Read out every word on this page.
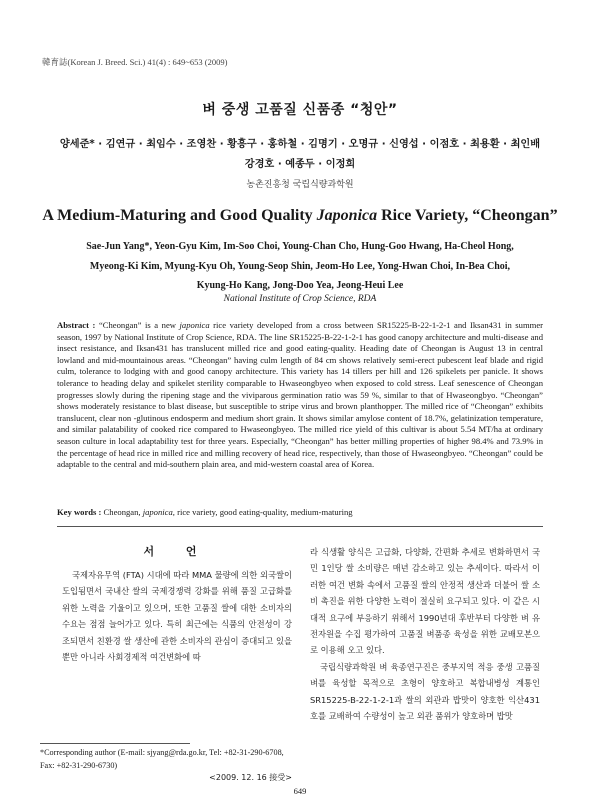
韓育誌(Korean J. Breed. Sci.) 41(4) : 649~653 (2009)
벼 중생 고품질 신품종 “청안”
양세준* · 김연규 · 최임수 · 조영찬 · 황흥구 · 홍하철 · 김명기 · 오명규 · 신영섭 · 이점호 · 최용환 · 최인배
강경호 · 예종두 · 이정희
농촌진흥청 국립식량과학원
A Medium-Maturing and Good Quality Japonica Rice Variety, “Cheongan”
Sae-Jun Yang*, Yeon-Gyu Kim, Im-Soo Choi, Young-Chan Cho, Hung-Goo Hwang, Ha-Cheol Hong,
Myeong-Ki Kim, Myung-Kyu Oh, Young-Seop Shin, Jeom-Ho Lee, Yong-Hwan Choi, In-Bea Choi,
Kyung-Ho Kang, Jong-Doo Yea, Jeong-Heui Lee
National Institute of Crop Science, RDA
Abstract : “Cheongan” is a new japonica rice variety developed from a cross between SR15225-B-22-1-2-1 and Iksan431 in summer season, 1997 by National Institute of Crop Science, RDA. The line SR15225-B-22-1-2-1 has good canopy architecture and multi-disease and insect resistance, and Iksan431 has translucent milled rice and good eating-quality. Heading date of Cheongan is August 13 in central lowland and mid-mountainous areas. “Cheongan” having culm length of 84 cm shows relatively semi-erect pubescent leaf blade and rigid culm, tolerance to lodging with and good canopy architecture. This variety has 14 tillers per hill and 126 spikelets per panicle. It shows tolerance to heading delay and spikelet sterility comparable to Hwaseongbyeo when exposed to cold stress. Leaf senescence of Cheongan progresses slowly during the ripening stage and the viviparous germination ratio was 59 %, similar to that of Hwaseongbyo. “Cheongan” shows moderately resistance to blast disease, but susceptible to stripe virus and brown planthopper. The milled rice of “Cheongan” exhibits translucent, clear non -glutinous endosperm and medium short grain. It shows similar amylose content of 18.7%, gelatinization temperature, and similar palatability of cooked rice compared to Hwaseongbyeo. The milled rice yield of this cultivar is about 5.54 MT/ha at ordinary season culture in local adaptability test for three years. Especially, “Cheongan” has better milling properties of higher 98.4% and 73.9% in the percentage of head rice in milled rice and milling recovery of head rice, respectively, than those of Hwaseongbyeo. “Cheongan” could be adaptable to the central and mid-southern plain area, and mid-western coastal area of Korea.
Key words : Cheongan, japonica, rice variety, good eating-quality, medium-maturing
서 언

국제자유무역 (FTA) 시대에 따라 MMA 물량에 의한 외국쌀이 도입됨면서 국내산 쌀의 국제경쟁력 강화를 위해 품질 고급화를 위한 노력을 기울이고 있으며, 또한 고품질 쌀에 대한 소비자의 수요는 점점 늘어가고 있다. 특히 최근에는 식품의 안전성이 강조되면서 친환경 쌀 생산에 관한 소비자의 관심이 증대되고 있을 뿐만 아니라 사회경제적 여건변화에 따

라 식생활 양식은 고급화, 다양화, 간편화 추세로 변화하면서 국민 1인당 쌀 소비량은 매년 감소하고 있는 추세이다. 따라서 이러한 여건 변화 속에서 고품질 쌀의 안정적 생산과 더불어 쌀 소비 촉진을 위한 다양한 노력이 절실히 요구되고 있다. 이 같은 시대적 요구에 부응하기 위해서 1990년대 후반부터 다양한 벼 유전자원을 수집 평가하여 고품질 벼품종 육성을 위한 교배모본으로 이용해 오고 있다.

국립식량과학원 벼 육종연구진은 중부지역 적응 중생 고품질 벼를 육성할 목적으로 초형이 양호하고 복합내병성 계통인 SR15225-B-22-1-2-1과 쌀의 외관과 밥맛이 양호한 익산431호를 교배하여 수량성이 높고 외관 품위가 양호하며 밥맛

*Corresponding author (E-mail: sjyang@rda.go.kr, Tel: +82-31-290-6708, Fax: +82-31-290-6730)
<2009. 12. 16 接受>
649
